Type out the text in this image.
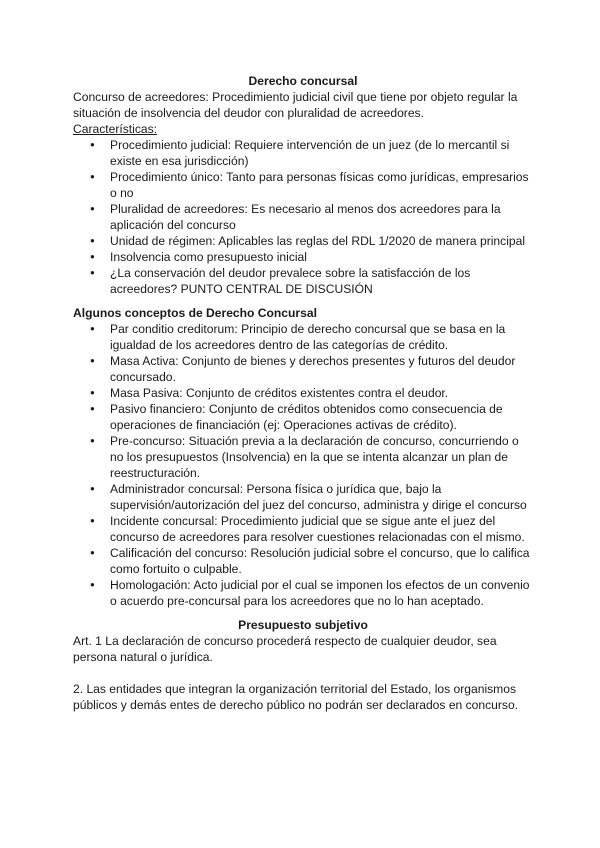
Derecho concursal

Concurso de acreedores: Procedimiento judicial civil que tiene por objeto regular la situación de insolvencia del deudor con pluralidad de acreedores.

Características:

● Procedimiento judicial: Requiere intervención de un juez (de lo mercantil si existe en esa jurisdicción)
● Procedimiento único: Tanto para personas físicas como jurídicas, empresarios o no
● Pluralidad de acreedores: Es necesario al menos dos acreedores para la aplicación del concurso
● Unidad de régimen: Aplicables las reglas del RDL 1/2020 de manera principal
● Insolvencia como presupuesto inicial
● ¿La conservación del deudor prevalece sobre la satisfacción de los acreedores? PUNTO CENTRAL DE DISCUSIÓN

Algunos conceptos de Derecho Concursal

● Par conditio creditorum: Principio de derecho concursal que se basa en la igualdad de los acreedores dentro de las categorías de crédito.
● Masa Activa: Conjunto de bienes y derechos presentes y futuros del deudor concursado.
● Masa Pasiva: Conjunto de créditos existentes contra el deudor.
● Pasivo financiero: Conjunto de créditos obtenidos como consecuencia de operaciones de financiación (ej: Operaciones activas de crédito).
● Pre-concurso: Situación previa a la declaración de concurso, concurriendo o no los presupuestos (Insolvencia) en la que se intenta alcanzar un plan de reestructuración.
● Administrador concursal: Persona física o jurídica que, bajo la supervisión/autorización del juez del concurso, administra y dirige el concurso
● Incidente concursal: Procedimiento judicial que se sigue ante el juez del concurso de acreedores para resolver cuestiones relacionadas con el mismo.
● Calificación del concurso: Resolución judicial sobre el concurso, que lo califica como fortuito o culpable.
● Homologación: Acto judicial por el cual se imponen los efectos de un convenio o acuerdo pre-concursal para los acreedores que no lo han aceptado.

Presupuesto subjetivo

Art. 1 La declaración de concurso procederá respecto de cualquier deudor, sea persona natural o jurídica.

2. Las entidades que integran la organización territorial del Estado, los organismos públicos y demás entes de derecho público no podrán ser declarados en concurso.
